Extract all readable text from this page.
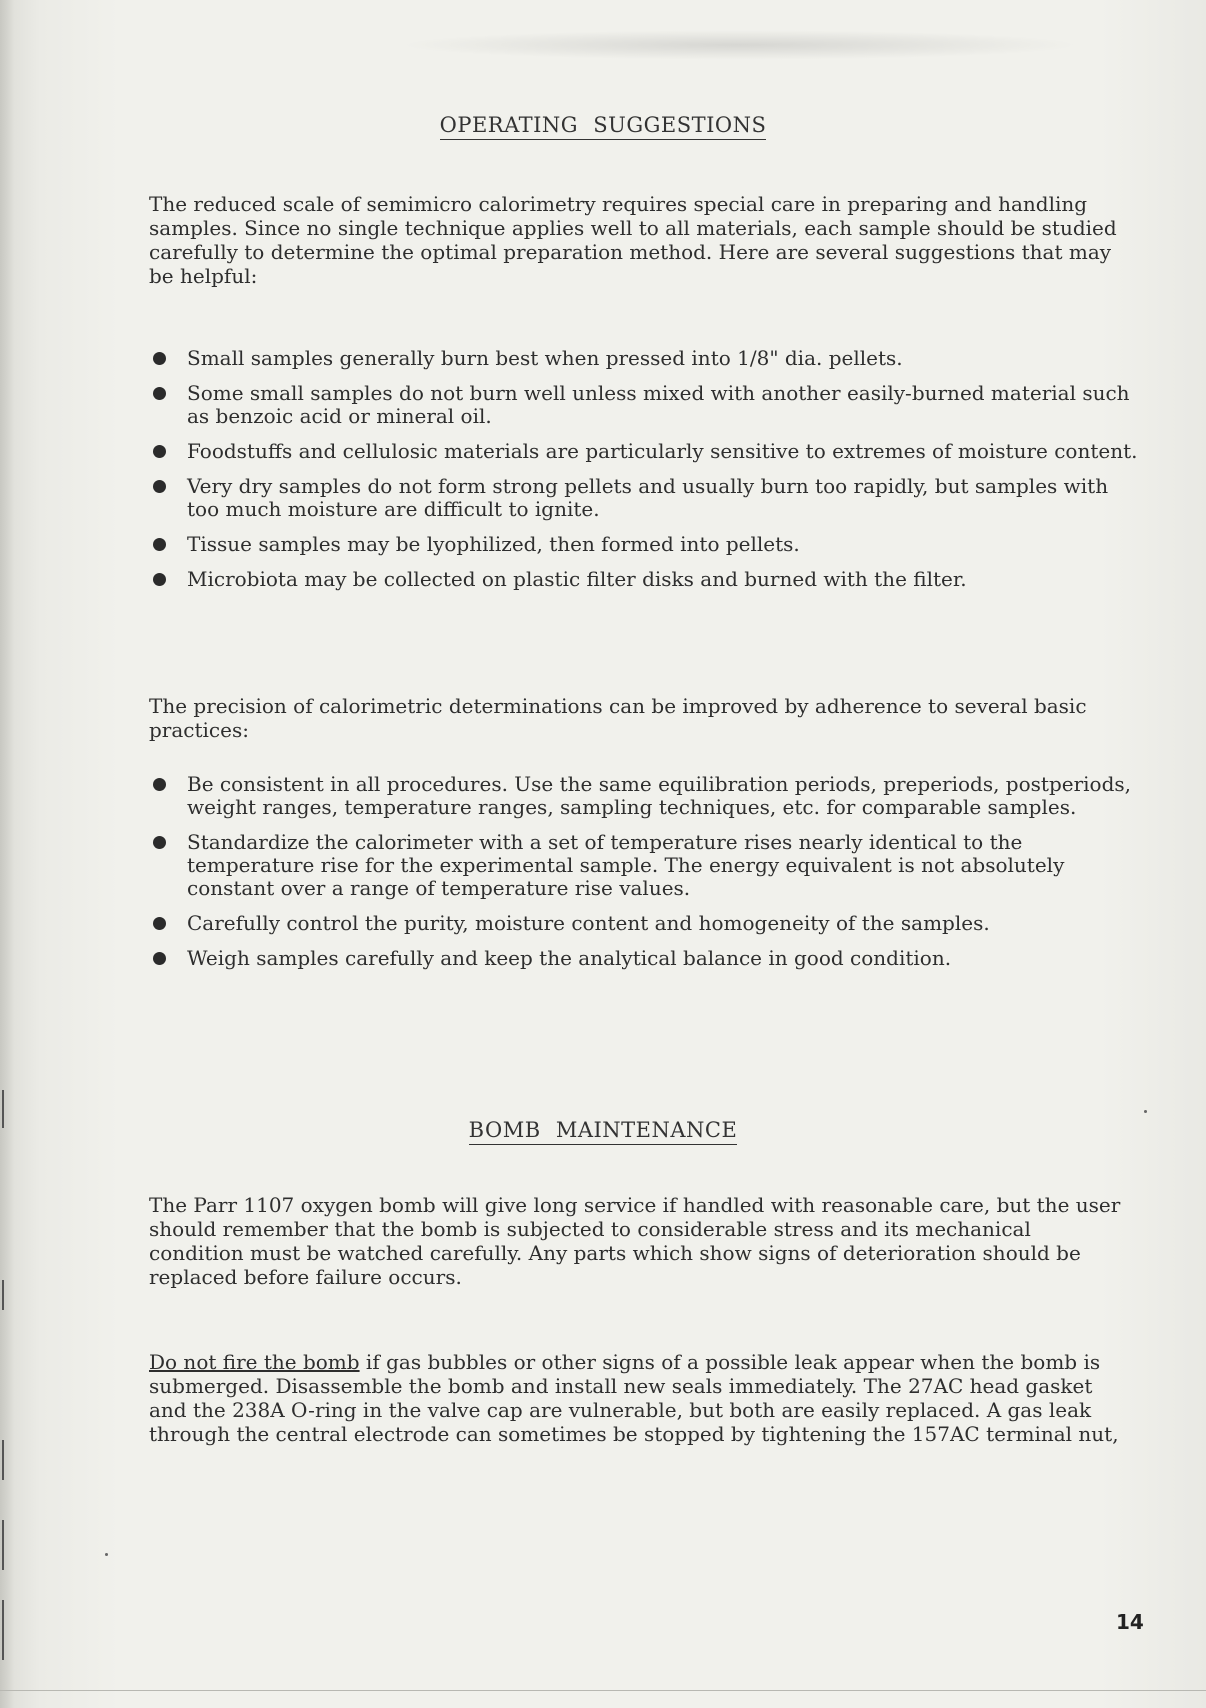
OPERATING SUGGESTIONS

The reduced scale of semimicro calorimetry requires special care in preparing and handling samples. Since no single technique applies well to all materials, each sample should be studied carefully to determine the optimal preparation method. Here are several suggestions that may be helpful:

Small samples generally burn best when pressed into 1/8" dia. pellets.
Some small samples do not burn well unless mixed with another easily-burned material such as benzoic acid or mineral oil.
Foodstuffs and cellulosic materials are particularly sensitive to extremes of moisture content.
Very dry samples do not form strong pellets and usually burn too rapidly, but samples with too much moisture are difficult to ignite.
Tissue samples may be lyophilized, then formed into pellets.
Microbiota may be collected on plastic filter disks and burned with the filter.

The precision of calorimetric determinations can be improved by adherence to several basic practices:

Be consistent in all procedures. Use the same equilibration periods, preperiods, postperiods, weight ranges, temperature ranges, sampling techniques, etc. for comparable samples.
Standardize the calorimeter with a set of temperature rises nearly identical to the temperature rise for the experimental sample. The energy equivalent is not absolutely constant over a range of temperature rise values.
Carefully control the purity, moisture content and homogeneity of the samples.
Weigh samples carefully and keep the analytical balance in good condition.
BOMB MAINTENANCE

The Parr 1107 oxygen bomb will give long service if handled with reasonable care, but the user should remember that the bomb is subjected to considerable stress and its mechanical condition must be watched carefully. Any parts which show signs of deterioration should be replaced before failure occurs.

Do not fire the bomb if gas bubbles or other signs of a possible leak appear when the bomb is submerged. Disassemble the bomb and install new seals immediately. The 27AC head gasket and the 238A O-ring in the valve cap are vulnerable, but both are easily replaced. A gas leak through the central electrode can sometimes be stopped by tightening the 157AC terminal nut,

14
